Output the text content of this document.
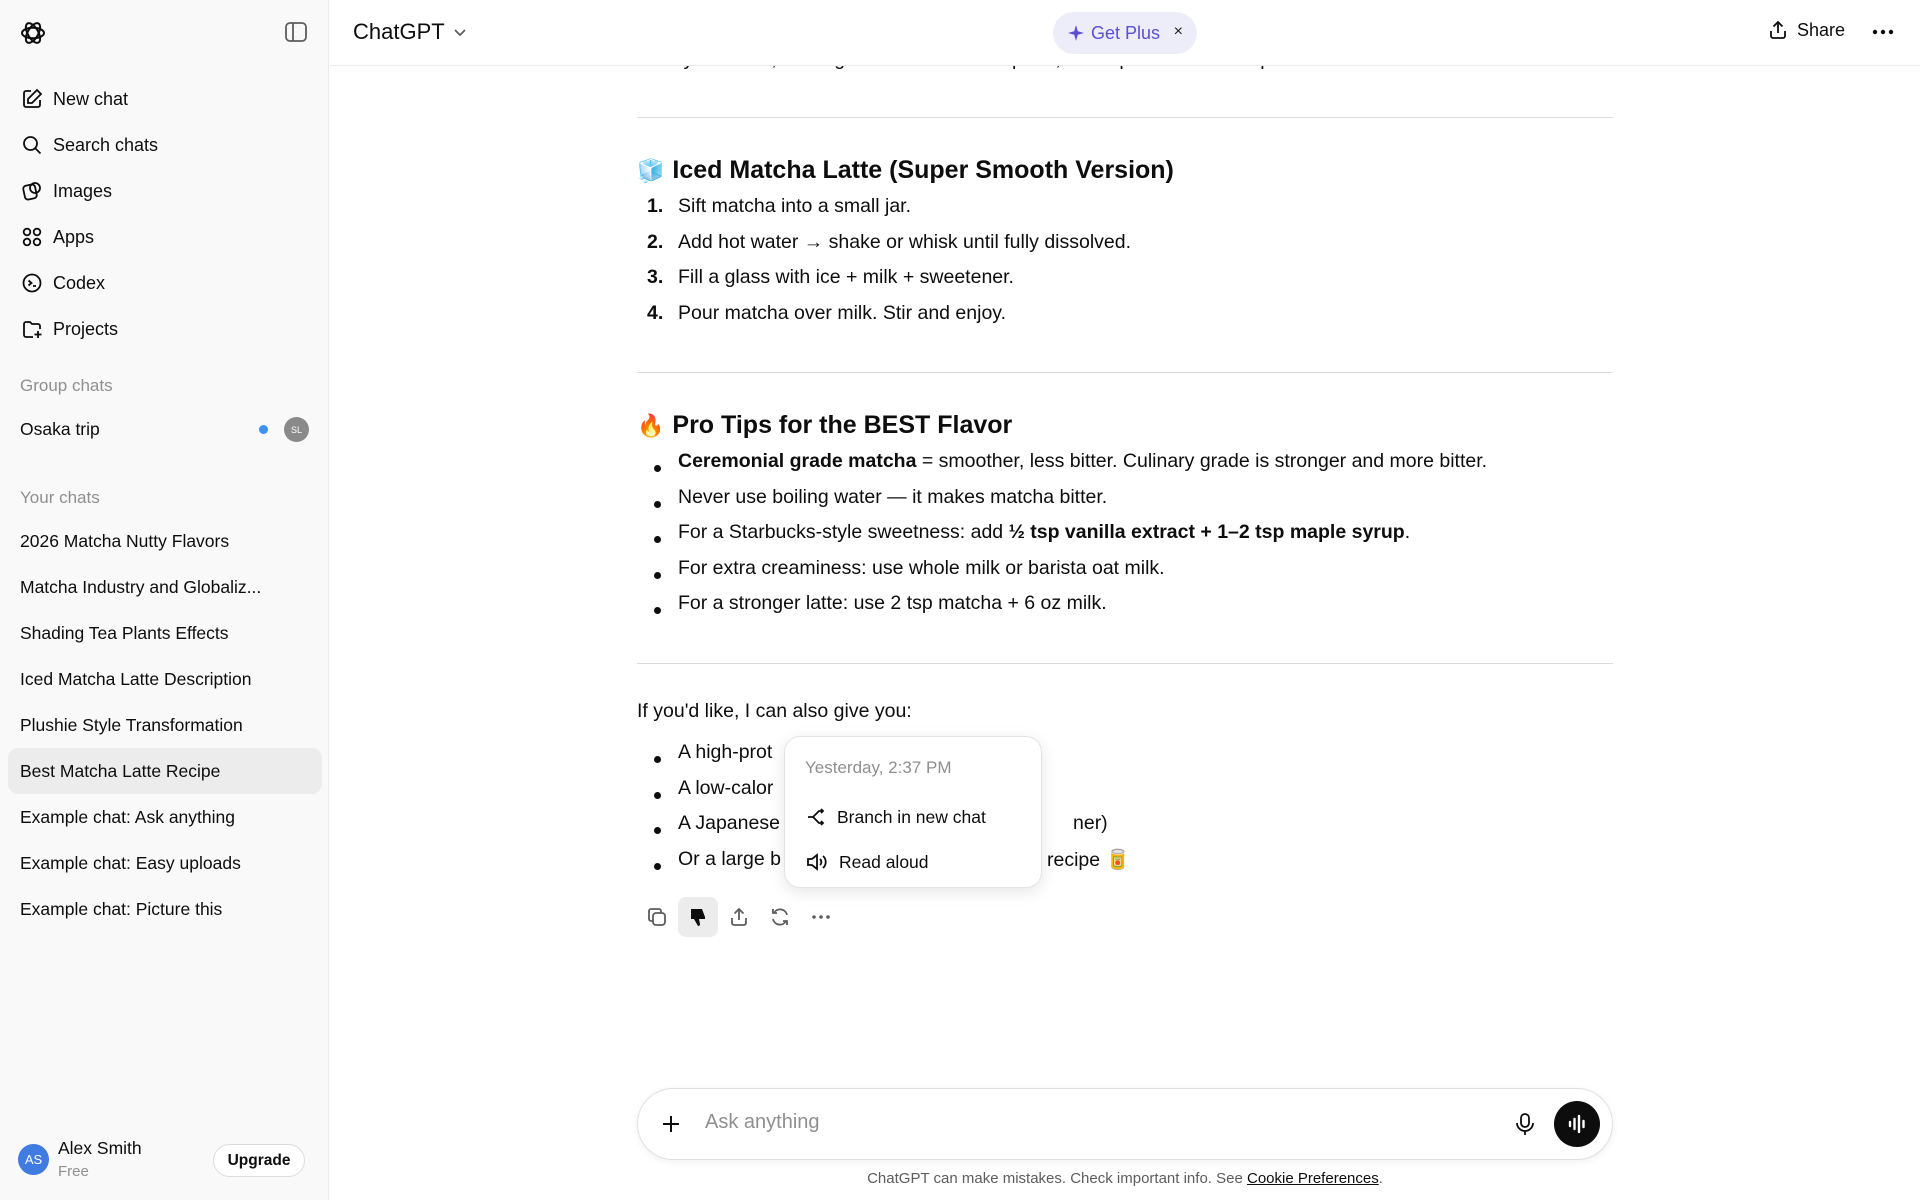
New chat
Search chats
Images
Apps
Codex
Projects
Group chats
Osaka trip	SL
Your chats
2026 Matcha Nutty Flavors
Matcha Industry and Globaliz...
Shading Tea Plants Effects
Iced Matcha Latte Description
Plushie Style Transformation
Best Matcha Latte Recipe
Example chat: Ask anything
Example chat: Easy uploads
Example chat: Picture this
AS
Alex Smith
Free
Upgrade
ChatGPT	Get Plus ×	Share
🧊 Iced Matcha Latte (Super Smooth Version)
1. Sift matcha into a small jar.
2. Add hot water → shake or whisk until fully dissolved.
3. Fill a glass with ice + milk + sweetener.
4. Pour matcha over milk. Stir and enjoy.
🔥 Pro Tips for the BEST Flavor
Ceremonial grade matcha = smoother, less bitter. Culinary grade is stronger and more bitter.
Never use boiling water — it makes matcha bitter.
For a Starbucks-style sweetness: add ½ tsp vanilla extract + 1–2 tsp maple syrup.
For extra creaminess: use whole milk or barista oat milk.
For a stronger latte: use 2 tsp matcha + 6 oz milk.
If you'd like, I can also give you:
A high-prot
A low-calor
A Japanese	ner)
Or a large b	recipe 🥫
Yesterday, 2:37 PM
Branch in new chat
Read aloud
Ask anything
ChatGPT can make mistakes. Check important info. See Cookie Preferences.
